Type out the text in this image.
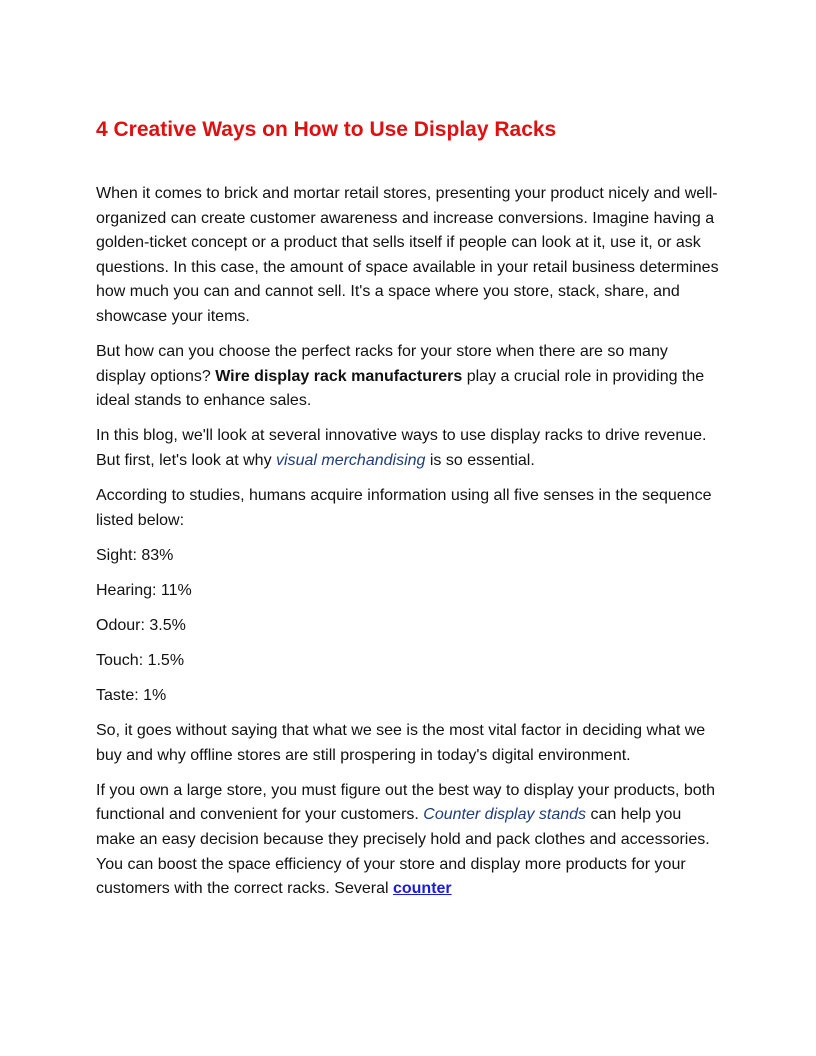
4 Creative Ways on How to Use Display Racks

When it comes to brick and mortar retail stores, presenting your product nicely and well-organized can create customer awareness and increase conversions. Imagine having a golden-ticket concept or a product that sells itself if people can look at it, use it, or ask questions. In this case, the amount of space available in your retail business determines how much you can and cannot sell. It's a space where you store, stack, share, and showcase your items.

But how can you choose the perfect racks for your store when there are so many display options? Wire display rack manufacturers play a crucial role in providing the ideal stands to enhance sales.

In this blog, we'll look at several innovative ways to use display racks to drive revenue. But first, let's look at why visual merchandising is so essential.

According to studies, humans acquire information using all five senses in the sequence listed below:

Sight: 83%

Hearing: 11%

Odour: 3.5%

Touch: 1.5%

Taste: 1%

So, it goes without saying that what we see is the most vital factor in deciding what we buy and why offline stores are still prospering in today's digital environment.

If you own a large store, you must figure out the best way to display your products, both functional and convenient for your customers. Counter display stands can help you make an easy decision because they precisely hold and pack clothes and accessories. You can boost the space efficiency of your store and display more products for your customers with the correct racks. Several counter
